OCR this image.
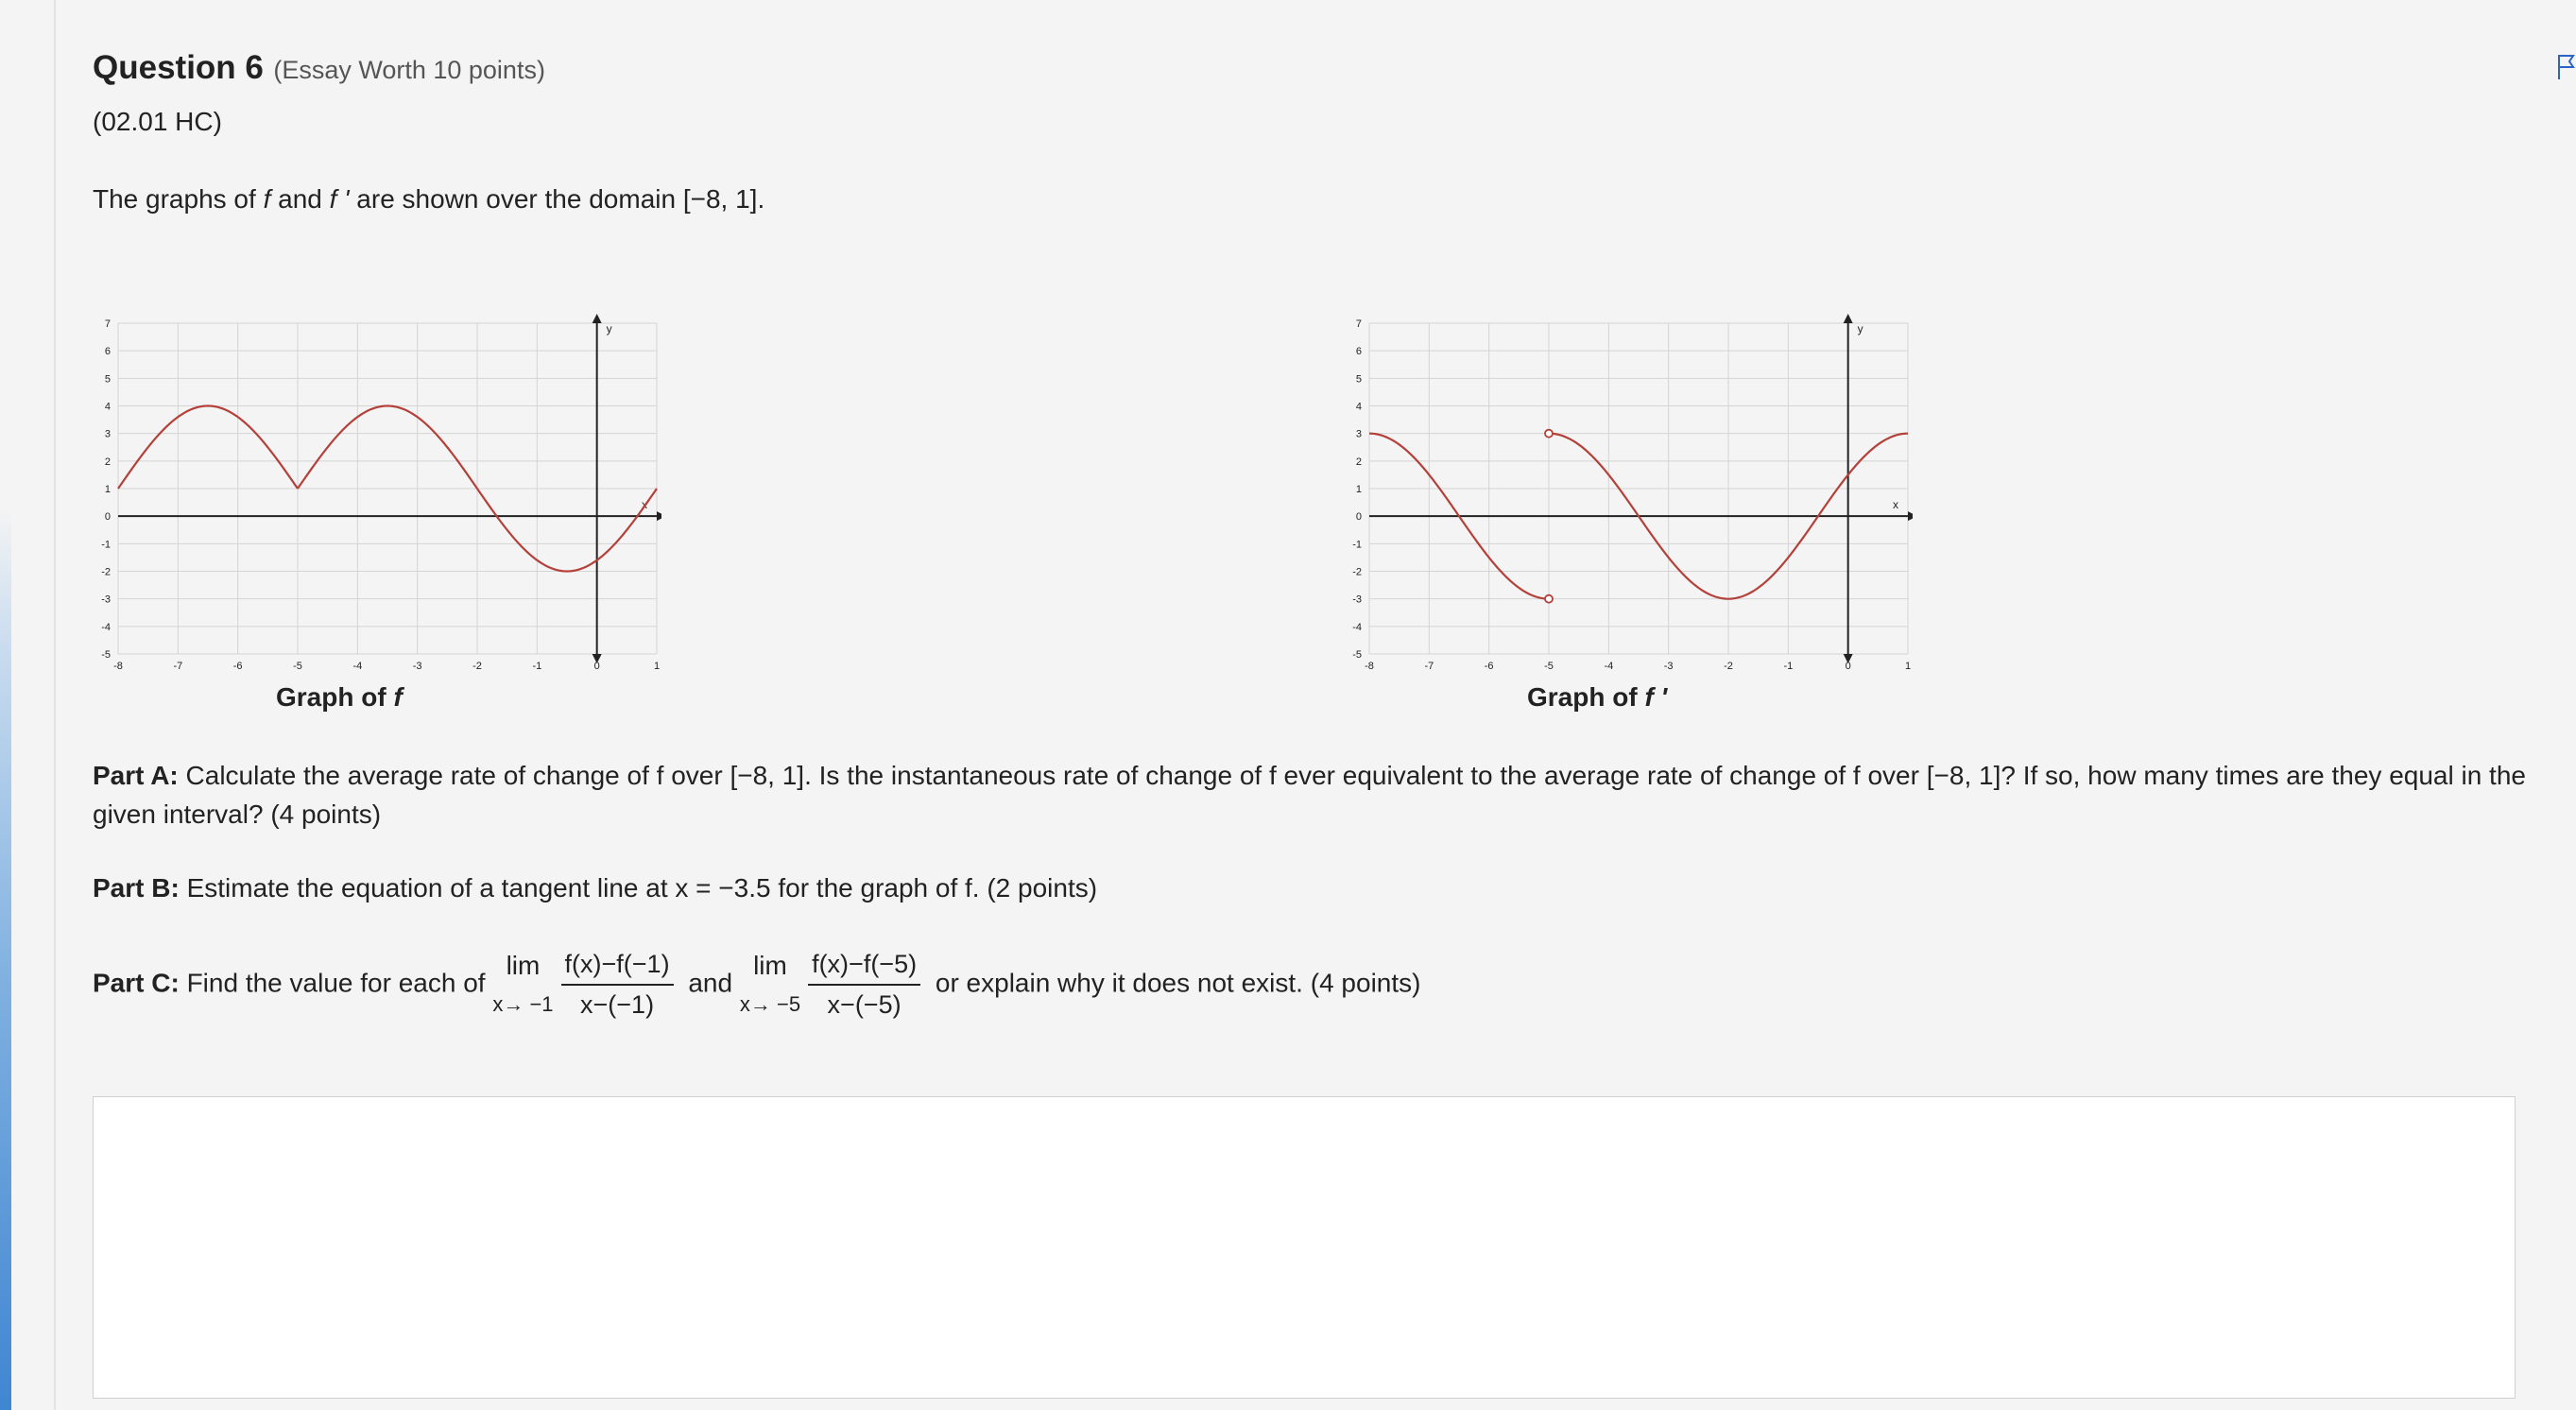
Question 6 (Essay Worth 10 points)
(02.01 HC)
The graphs of f and f ' are shown over the domain [−8, 1].
y
x
-8	-7	-6	-5	-4	-3	-2	-1	0	1
7
6
5
4
3
2
1
0
-1
-2
-3
-4
-5
Graph of f
y
x
-8	-7	-6	-5	-4	-3	-2	-1	0	1
7
6
5
4
3
2
1
0
-1
-2
-3
-4
-5
Graph of f '
Part A: Calculate the average rate of change of f over [−8, 1]. Is the instantaneous rate of change of f ever equivalent to the average rate of change of f over [−8, 1]? If so, how many times are they equal in the given interval? (4 points)
Part B: Estimate the equation of a tangent line at x = −3.5 for the graph of f. (2 points)
Part C: Find the value for each of
lim
$x\to -1 \frac{f(x)-f(-1)}{x-(-1)}$ and
lim
$x\to -5 \frac{f(x)-f(-5)}{x-(-5)}$ or explain why it does not exist. (4 points)
